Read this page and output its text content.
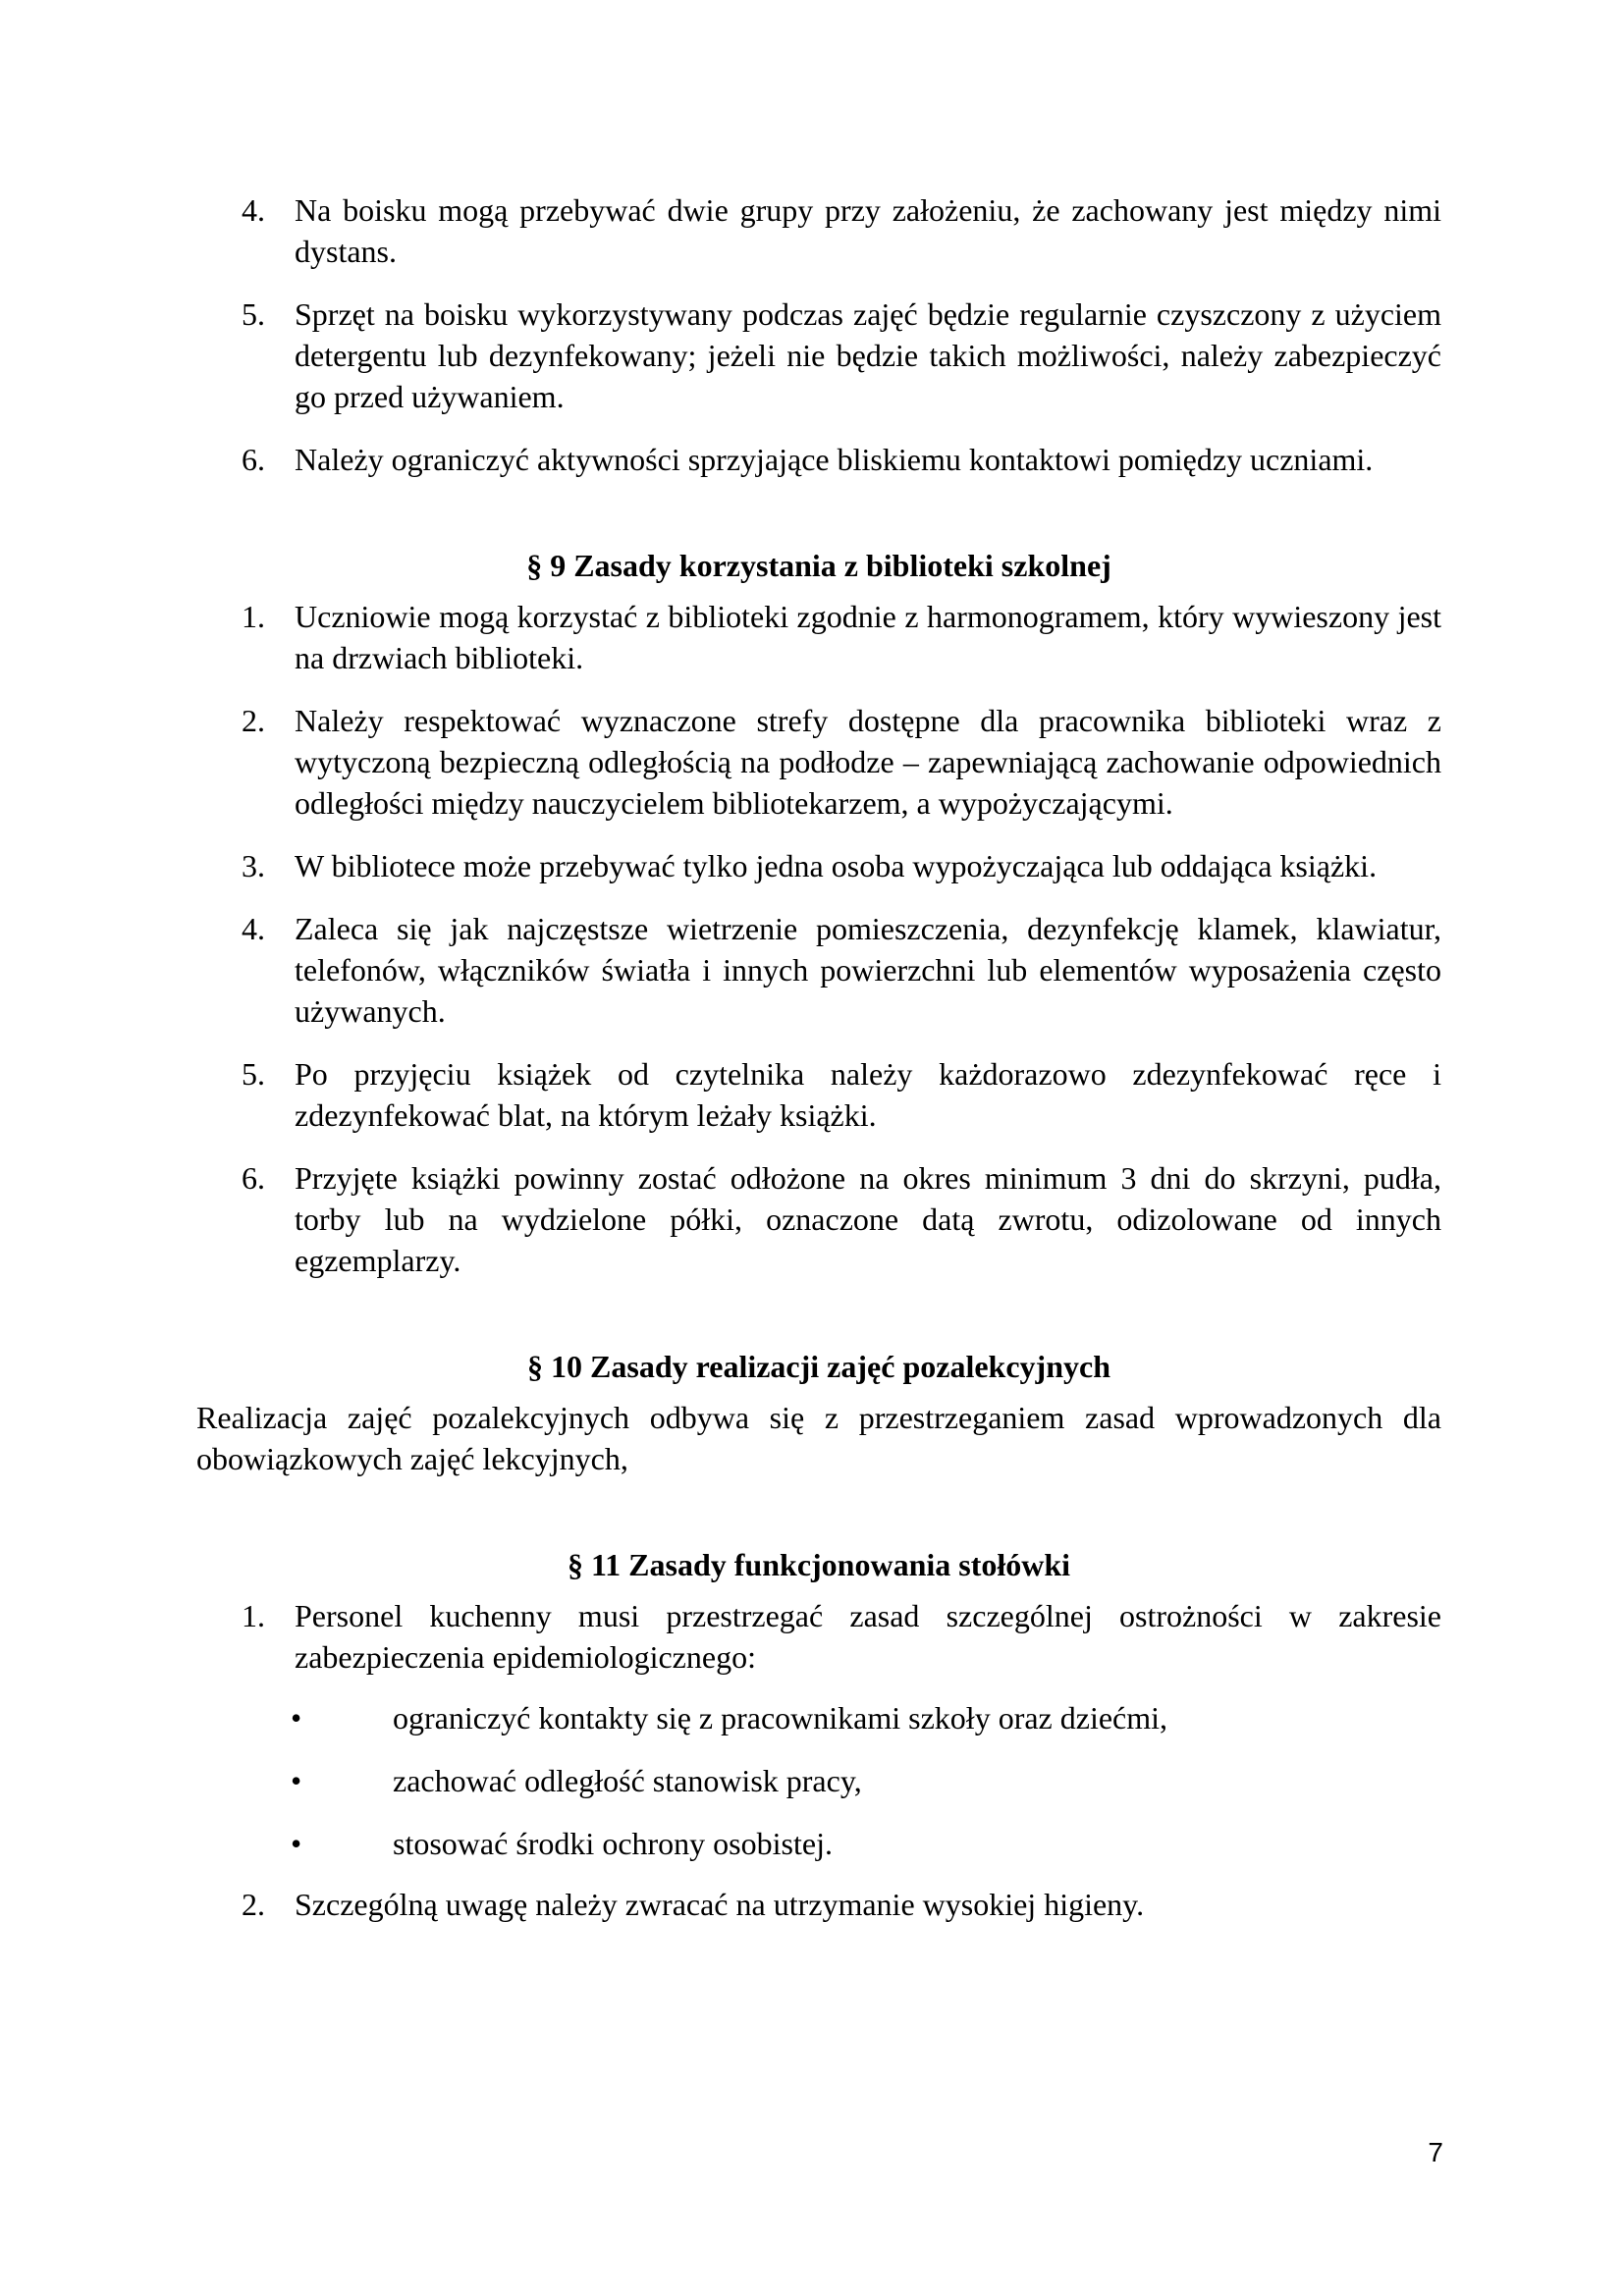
4. Na boisku mogą przebywać dwie grupy przy założeniu, że zachowany jest między nimi dystans.
5. Sprzęt na boisku wykorzystywany podczas zajęć będzie regularnie czyszczony z użyciem detergentu lub dezynfekowany; jeżeli nie będzie takich możliwości, należy zabezpieczyć go przed używaniem.
6. Należy ograniczyć aktywności sprzyjające bliskiemu kontaktowi pomiędzy uczniami.
§ 9 Zasady korzystania z biblioteki szkolnej
1. Uczniowie mogą korzystać z biblioteki zgodnie z harmonogramem, który wywieszony jest na drzwiach biblioteki.
2. Należy respektować wyznaczone strefy dostępne dla pracownika biblioteki wraz z wytyczoną bezpieczną odległością na podłodze – zapewniającą zachowanie odpowiednich odległości między nauczycielem bibliotekarzem, a wypożyczającymi.
3. W bibliotece może przebywać tylko jedna osoba wypożyczająca lub oddająca książki.
4. Zaleca się jak najczęstsze wietrzenie pomieszczenia, dezynfekcję klamek, klawiatur, telefonów, włączników światła i innych powierzchni lub elementów wyposażenia często używanych.
5. Po przyjęciu książek od czytelnika należy każdorazowo zdezynfekować ręce i zdezynfekować blat, na którym leżały książki.
6. Przyjęte książki powinny zostać odłożone na okres minimum 3 dni do skrzyni, pudła, torby lub na wydzielone półki, oznaczone datą zwrotu, odizolowane od innych egzemplarzy.
§ 10 Zasady realizacji zajęć pozalekcyjnych

Realizacja zajęć pozalekcyjnych odbywa się z przestrzeganiem zasad wprowadzonych dla obowiązkowych zajęć lekcyjnych,

§ 11 Zasady funkcjonowania stołówki
1. Personel kuchenny musi przestrzegać zasad szczególnej ostrożności w zakresie zabezpieczenia epidemiologicznego:
•	ograniczyć kontakty się z pracownikami szkoły oraz dziećmi,
•	zachować odległość stanowisk pracy,
•	stosować środki ochrony osobistej.
2. Szczególną uwagę należy zwracać na utrzymanie wysokiej higieny.
7
